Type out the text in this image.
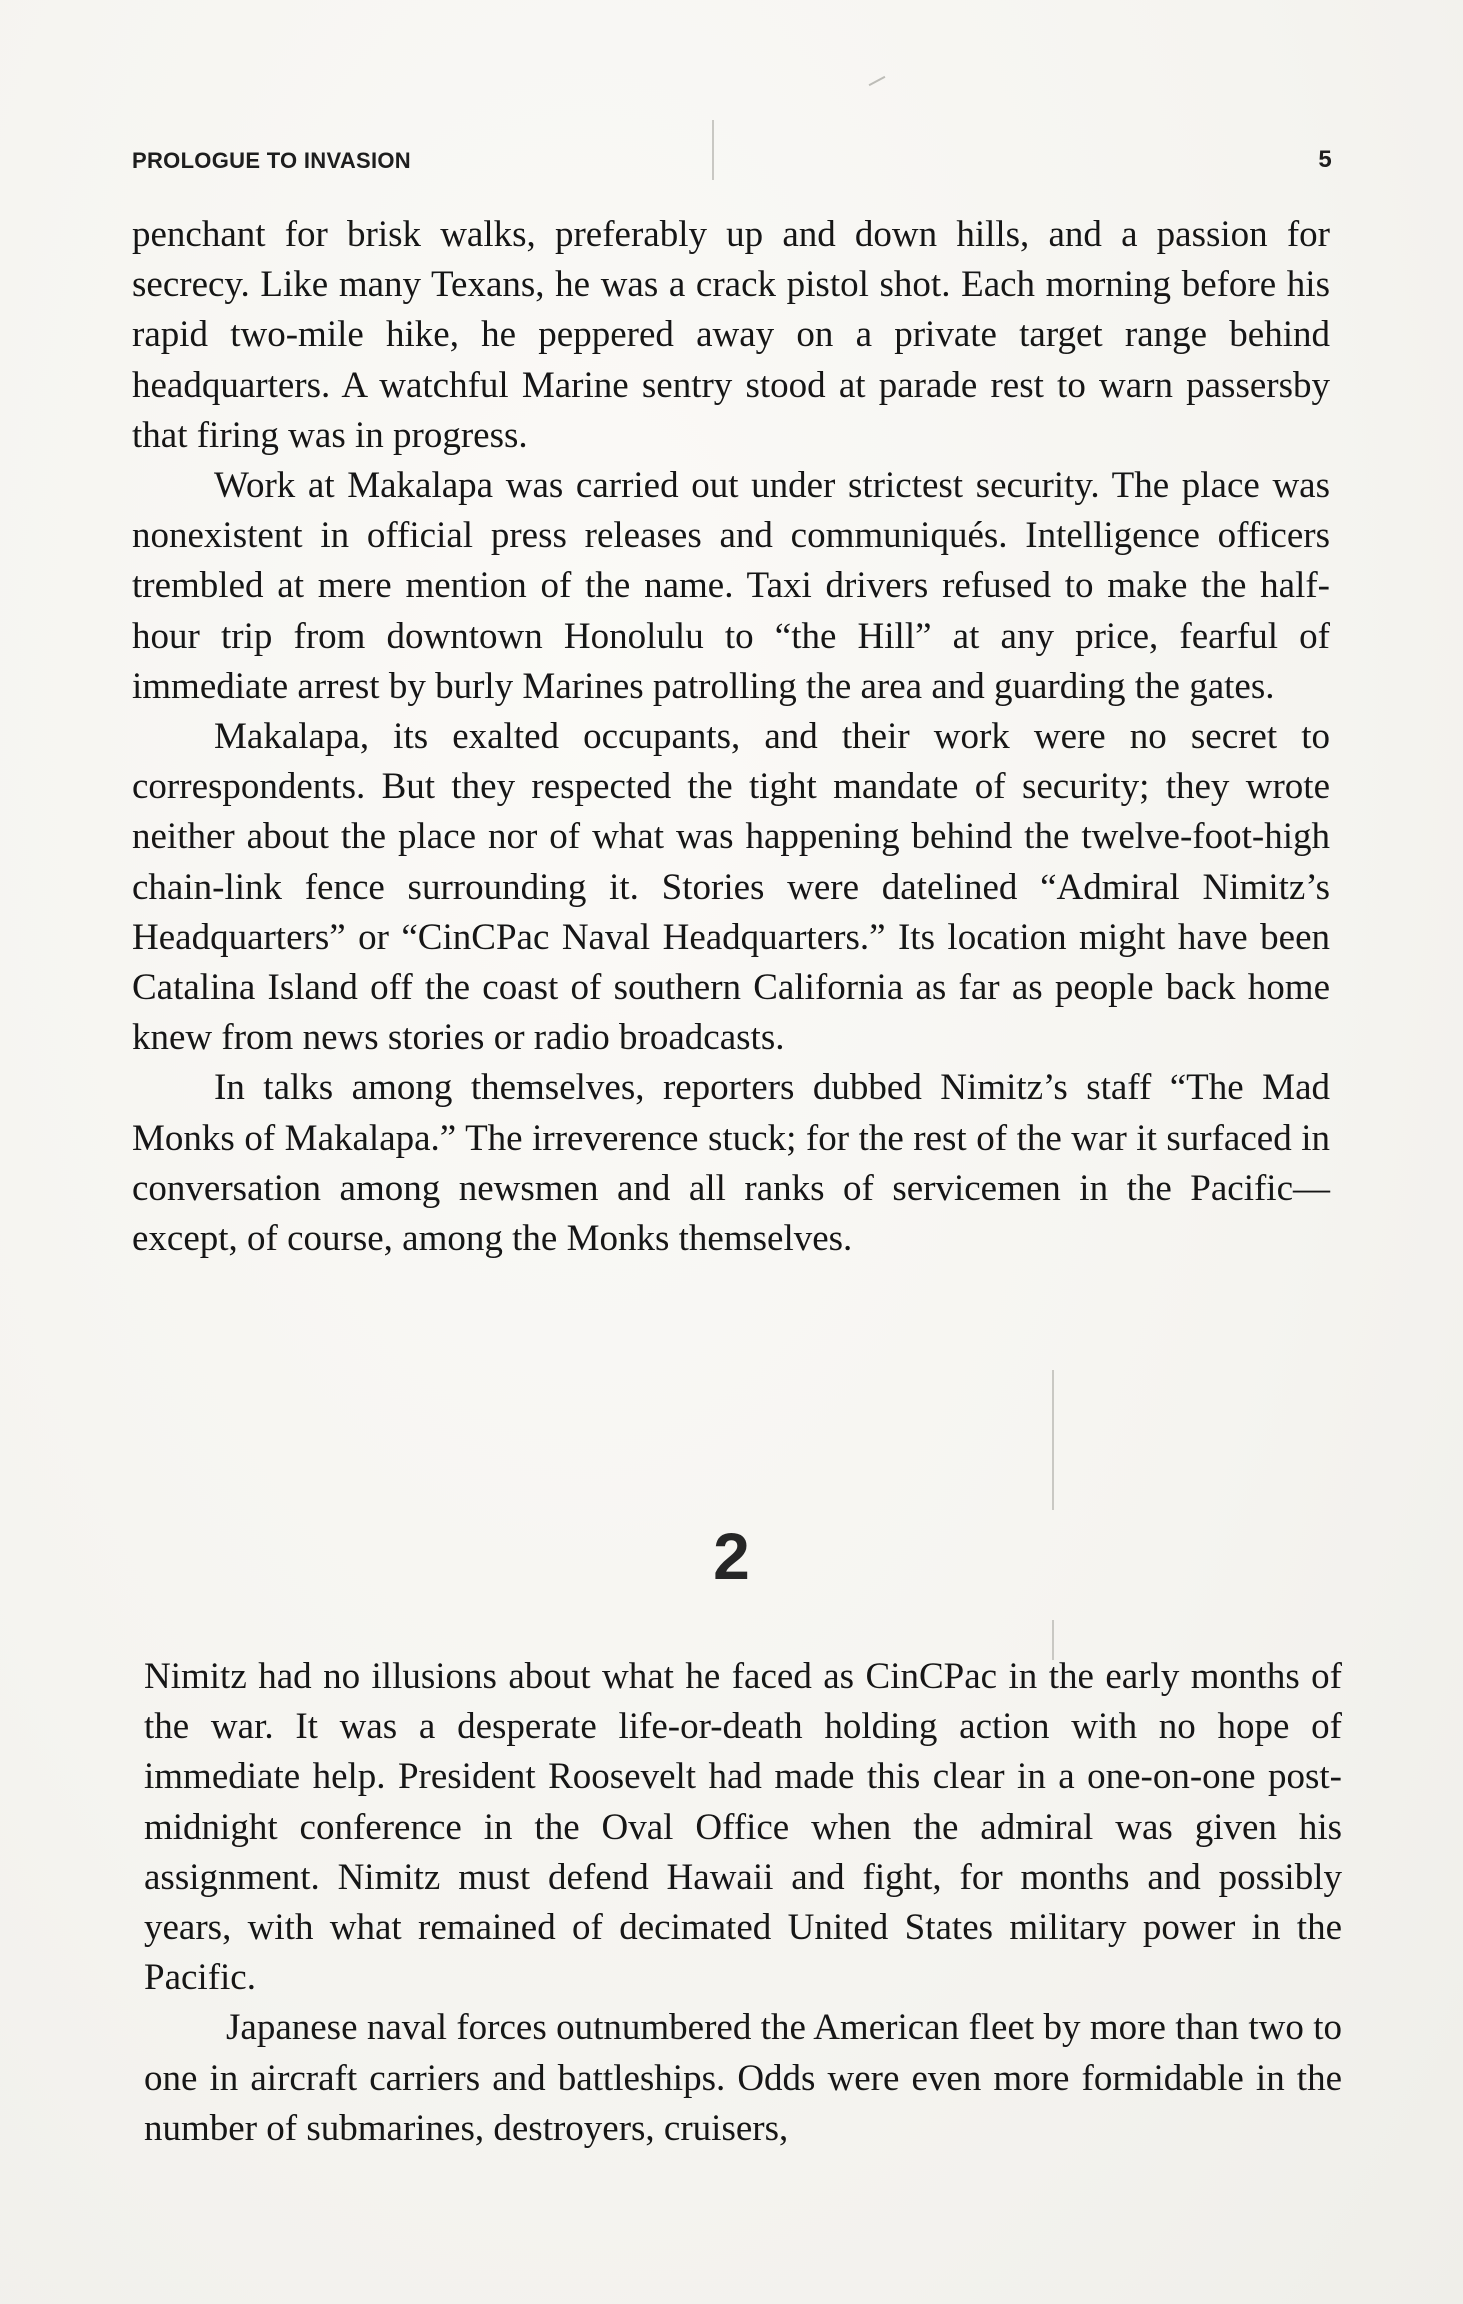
PROLOGUE TO INVASION	5

penchant for brisk walks, preferably up and down hills, and a passion for secrecy. Like many Texans, he was a crack pistol shot. Each morning before his rapid two-mile hike, he peppered away on a private target range behind headquarters. A watchful Marine sentry stood at parade rest to warn passersby that firing was in progress.

Work at Makalapa was carried out under strictest security. The place was nonexistent in official press releases and communiqués. Intelligence officers trembled at mere mention of the name. Taxi drivers refused to make the half-hour trip from downtown Honolulu to “the Hill” at any price, fearful of immediate arrest by burly Marines patrolling the area and guarding the gates.

Makalapa, its exalted occupants, and their work were no secret to correspondents. But they respected the tight mandate of security; they wrote neither about the place nor of what was happening behind the twelve-foot-high chain-link fence surrounding it. Stories were datelined “Admiral Nimitz’s Headquarters” or “CinCPac Naval Headquarters.” Its location might have been Catalina Island off the coast of southern California as far as people back home knew from news stories or radio broadcasts.

In talks among themselves, reporters dubbed Nimitz’s staff “The Mad Monks of Makalapa.” The irreverence stuck; for the rest of the war it surfaced in conversation among newsmen and all ranks of servicemen in the Pacific—except, of course, among the Monks themselves.

2

Nimitz had no illusions about what he faced as CinCPac in the early months of the war. It was a desperate life-or-death holding action with no hope of immediate help. President Roosevelt had made this clear in a one-on-one post-midnight conference in the Oval Office when the admiral was given his assignment. Nimitz must defend Hawaii and fight, for months and possibly years, with what remained of decimated United States military power in the Pacific.

Japanese naval forces outnumbered the American fleet by more than two to one in aircraft carriers and battleships. Odds were even more formidable in the number of submarines, destroyers, cruisers,
